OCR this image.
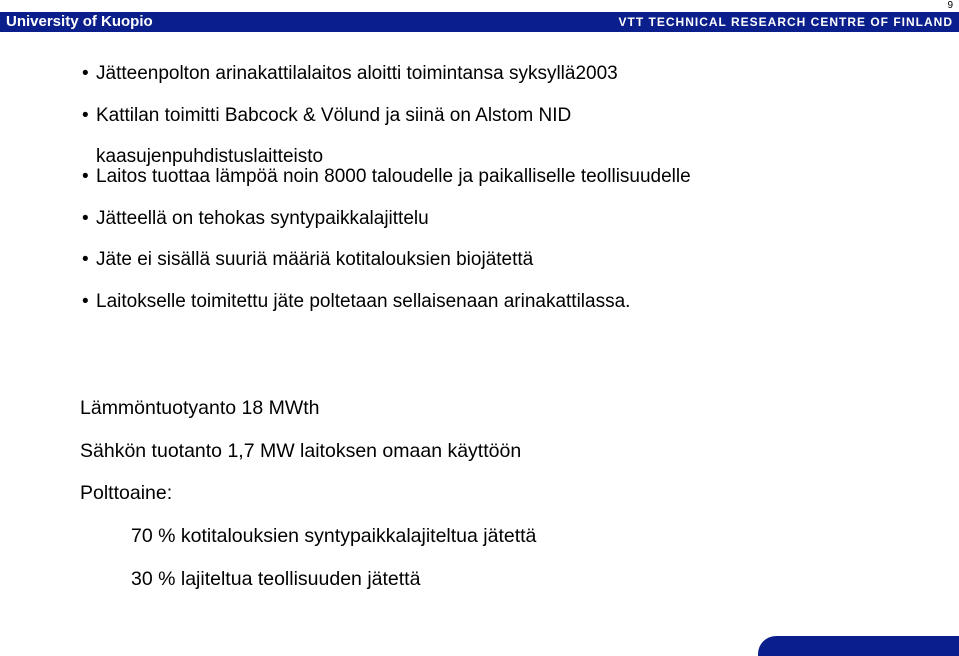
9
University of Kuopio	VTT TECHNICAL RESEARCH CENTRE OF FINLAND
• Jätteenpolton arinakattilalaitos aloitti toimintansa syksyllä2003
• Kattilan toimitti Babcock & Völund ja siinä on Alstom NID
kaasujenpuhdistuslaitteisto
• Laitos tuottaa lämpöä noin 8000 taloudelle ja paikalliselle teollisuudelle
• Jätteellä on tehokas syntypaikkalajittelu
• Jäte ei sisällä suuriä määriä kotitalouksien biojätettä
• Laitokselle toimitettu jäte poltetaan sellaisenaan arinakattilassa.
Lämmöntuotyanto 18 MWth
Sähkön tuotanto 1,7 MW laitoksen omaan käyttöön
Polttoaine:
70 % kotitalouksien syntypaikkalajiteltua jätettä
30 % lajiteltua teollisuuden jätettä
